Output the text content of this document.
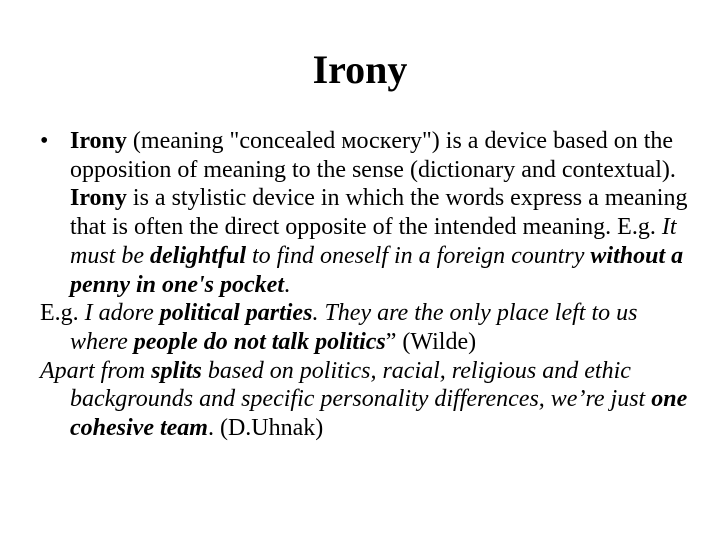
Irony

• Irony (meaning "concealed москery") is a device based on the opposition of meaning to the sense (dictionary and contextual). Irony is a stylistic device in which the words express a meaning that is often the direct opposite of the intended meaning. E.g. It must be delightful to find oneself in a foreign country without a penny in one's pocket.

E.g. I adore political parties. They are the only place left to us where people do not talk politics” (Wilde)

Apart from splits based on politics, racial, religious and ethic backgrounds and specific personality differences, we’re just one cohesive team. (D.Uhnak)
